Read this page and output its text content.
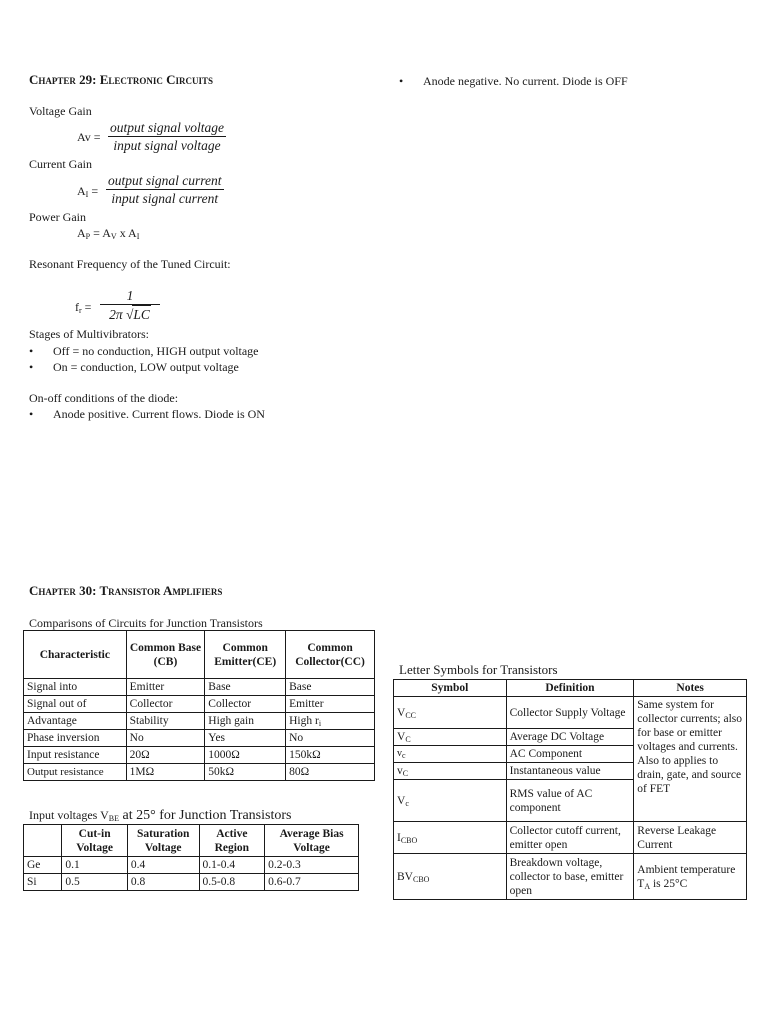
Chapter 29: Electronic Circuits
Voltage Gain
Av =
output signal voltage
input signal voltage
Current Gain
$A_I$ =
output signal current
input signal current
Power Gain
$A_P = A_V$ x $A_I$
Resonant Frequency of the Tuned Circuit:
$f_r$ =
1
2π √LC
Stages of Multivibrators:
• Off = no conduction, HIGH output voltage
• On = conduction, LOW output voltage
On-off conditions of the diode:
• Anode positive. Current flows. Diode is ON
• Anode negative. No current. Diode is OFF
Chapter 30: Transistor Amplifiers
Comparisons of Circuits for Junction Transistors
Characteristic	Common Base (CB)	Common Emitter(CE)	Common Collector(CC)
Signal into	Emitter	Base	Base
Signal out of	Collector	Collector	Emitter
Advantage	Stability	High gain	High $r_i$
Phase inversion	No	Yes	No
Input resistance	20Ω	1000Ω	150kΩ
Output resistance	1MΩ	50kΩ	80Ω
Input voltages $V_{BE}$ at 25° for Junction Transistors
	Cut-in Voltage	Saturation Voltage	Active Region	Average Bias Voltage
Ge	0.1	0.4	0.1-0.4	0.2-0.3
Si	0.5	0.8	0.5-0.8	0.6-0.7
Letter Symbols for Transistors
Symbol	Definition	Notes
$V_{CC}$	Collector Supply Voltage	Same system for collector currents; also for base or emitter voltages and currents. Also to applies to drain, gate, and source of FET
$V_C$	Average DC Voltage	
$v_c$	AC Component	
$v_C$	Instantaneous value	
$V_c$	RMS value of AC component	
$I_{CBO}$	Collector cutoff current, emitter open	Reverse Leakage Current
$BV_{CBO}$	Breakdown voltage, collector to base, emitter open	Ambient temperature $T_A$ is 25°C
